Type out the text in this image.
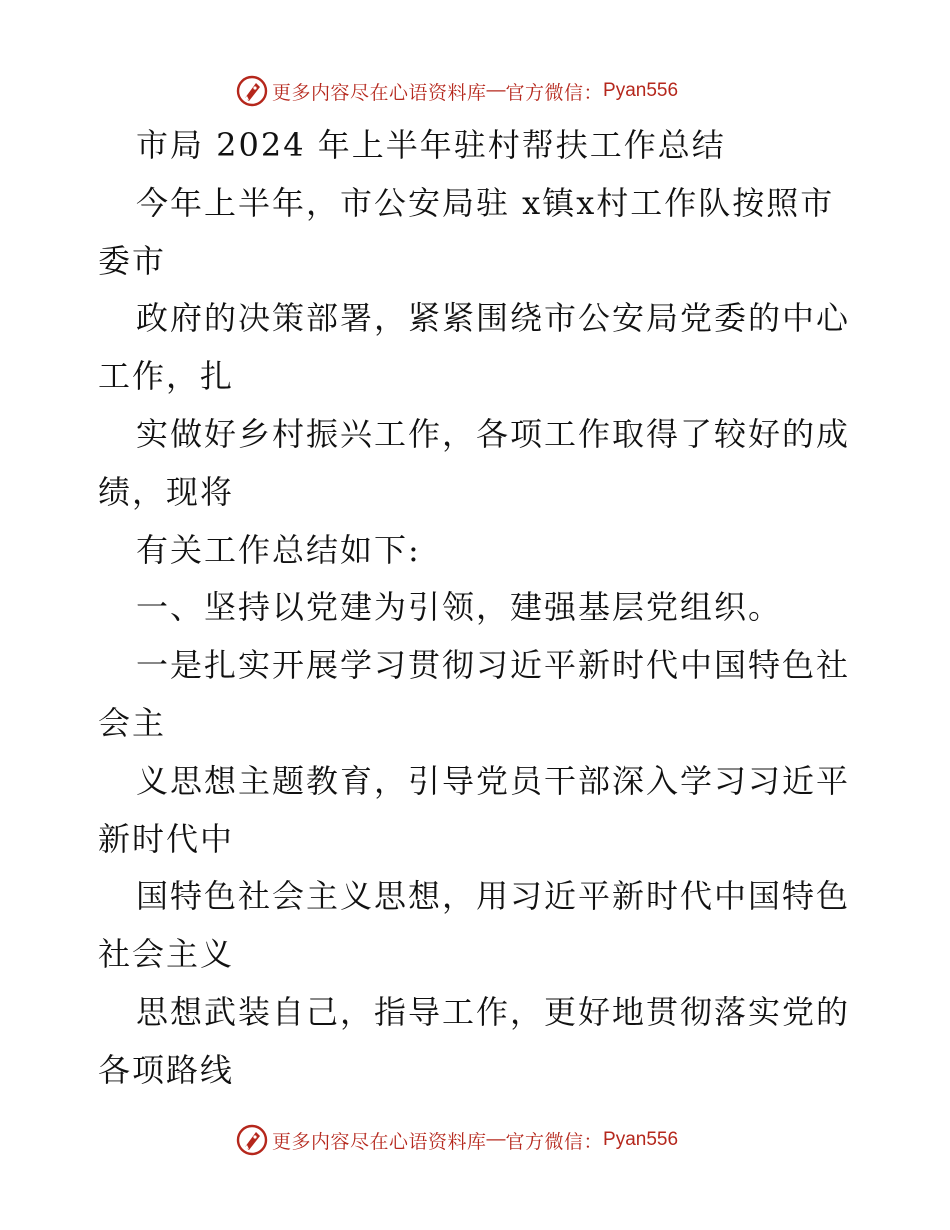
更多内容尽在心语资料库 — 官方微信： Pyan556
市局 2024 年上半年驻村帮扶工作总结
今年上半年，市公安局驻 x镇x村工作队按照市
委市
政府的决策部署，紧紧围绕市公安局党委的中心
工作，扎
实做好乡村振兴工作，各项工作取得了较好的成
绩，现将
有关工作总结如下:
一、坚持以党建为引领，建强基层党组织。
一是扎实开展学习贯彻习近平新时代中国特色社
会主
义思想主题教育，引导党员干部深入学习习近平
新时代中
国特色社会主义思想，用习近平新时代中国特色
社会主义
思想武装自己，指导工作，更好地贯彻落实党的
各项路线
更多内容尽在心语资料库 — 官方微信： Pyan556
